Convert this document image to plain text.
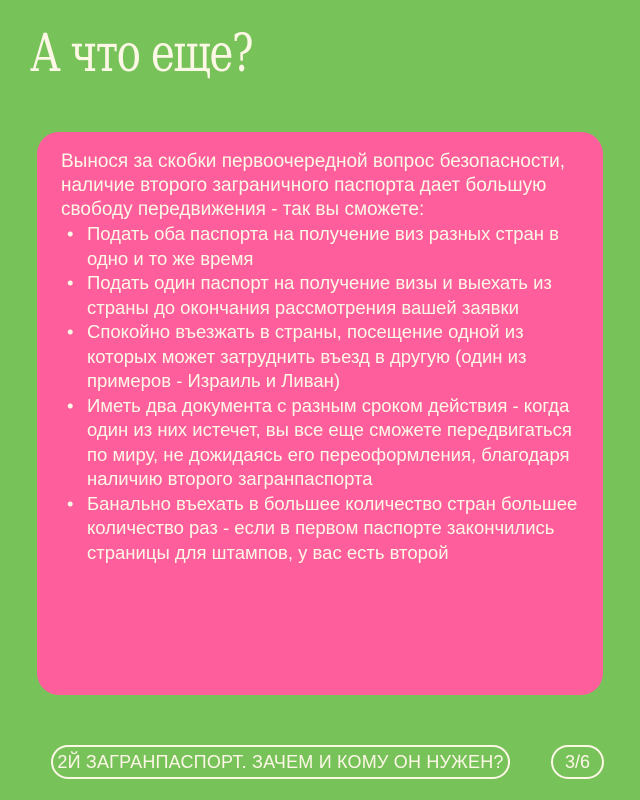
А что еще?

Вынося за скобки первоочередной вопрос безопасности, наличие второго заграничного паспорта дает большую свободу передвижения - так вы сможете:

• Подать оба паспорта на получение виз разных стран в одно и то же время
• Подать один паспорт на получение визы и выехать из страны до окончания рассмотрения вашей заявки
• Спокойно въезжать в страны, посещение одной из которых может затруднить въезд в другую (один из примеров - Израиль и Ливан)
• Иметь два документа с разным сроком действия - когда один из них истечет, вы все еще сможете передвигаться по миру, не дожидаясь его переоформления, благодаря наличию второго загранпаспорта
• Банально въехать в большее количество стран большее количество раз - если в первом паспорте закончились страницы для штампов, у вас есть второй
2Й ЗАГРАНПАСПОРТ. ЗАЧЕМ И КОМУ ОН НУЖЕН?	3/6
